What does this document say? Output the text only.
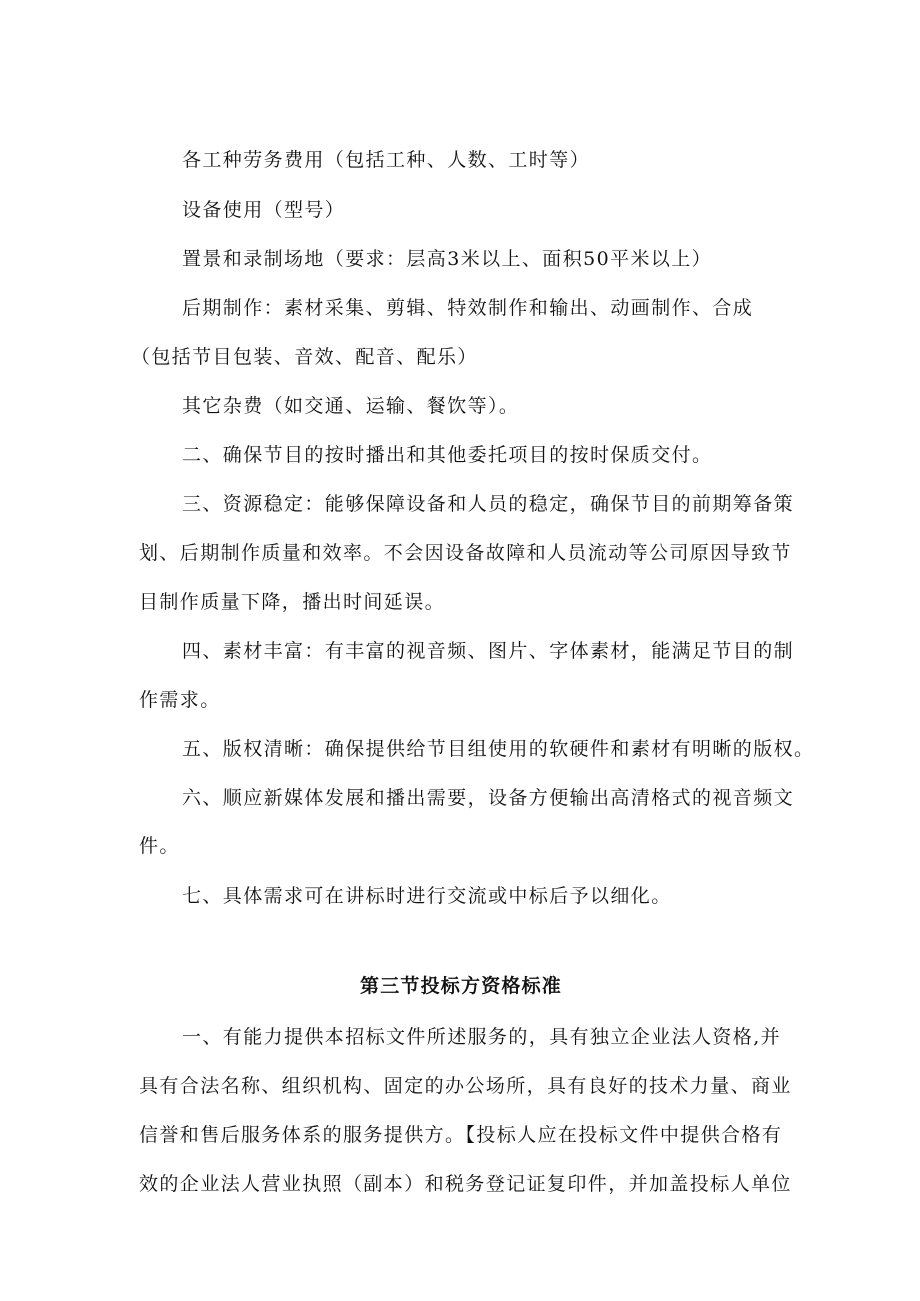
各工种劳务费用（包括工种、人数、工时等）

设备使用（型号）

置景和录制场地（要求：层高3米以上、面积50平米以上）

后期制作：素材采集、剪辑、特效制作和输出、动画制作、合成

（包括节目包装、音效、配音、配乐）

其它杂费（如交通、运输、餐饮等）。

二、确保节目的按时播出和其他委托项目的按时保质交付。

三、资源稳定：能够保障设备和人员的稳定，确保节目的前期筹备策

划、后期制作质量和效率。不会因设备故障和人员流动等公司原因导致节

目制作质量下降，播出时间延误。

四、素材丰富：有丰富的视音频、图片、字体素材，能满足节目的制

作需求。

五、版权清晰：确保提供给节目组使用的软硬件和素材有明晰的版权。

六、顺应新媒体发展和播出需要，设备方便输出高清格式的视音频文

件。

七、具体需求可在讲标时进行交流或中标后予以细化。

第三节投标方资格标准

一、有能力提供本招标文件所述服务的，具有独立企业法人资格,并

具有合法名称、组织机构、固定的办公场所，具有良好的技术力量、商业

信誉和售后服务体系的服务提供方。【投标人应在投标文件中提供合格有

效的企业法人营业执照（副本）和税务登记证复印件，并加盖投标人单位
